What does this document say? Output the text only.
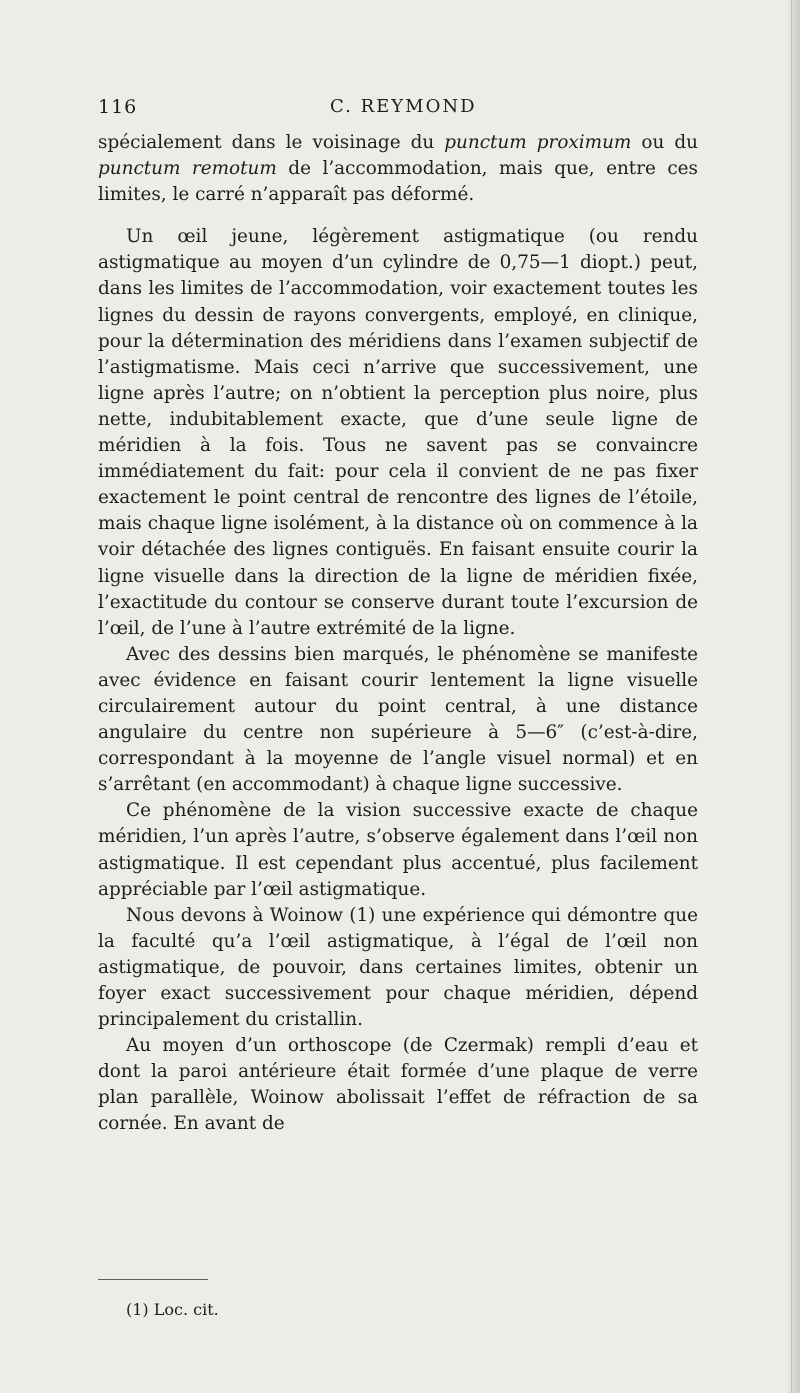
116	C. REYMOND

spécialement dans le voisinage du punctum proximum ou du punctum remotum de l’accommodation, mais que, entre ces limites, le carré n’apparaît pas déformé.

Un œil jeune, légèrement astigmatique (ou rendu astigmatique au moyen d’un cylindre de 0,75—1 diopt.) peut, dans les limites de l’accommodation, voir exactement toutes les lignes du dessin de rayons convergents, employé, en clinique, pour la détermination des méridiens dans l’examen subjectif de l’astigmatisme. Mais ceci n’arrive que successivement, une ligne après l’autre; on n’obtient la perception plus noire, plus nette, indubitablement exacte, que d’une seule ligne de méridien à la fois. Tous ne savent pas se convaincre immédiatement du fait: pour cela il convient de ne pas fixer exactement le point central de rencontre des lignes de l’étoile, mais chaque ligne isolément, à la distance où on commence à la voir détachée des lignes contiguës. En faisant ensuite courir la ligne visuelle dans la direction de la ligne de méridien fixée, l’exactitude du contour se conserve durant toute l’excursion de l’œil, de l’une à l’autre extrémité de la ligne.

Avec des dessins bien marqués, le phénomène se manifeste avec évidence en faisant courir lentement la ligne visuelle circulairement autour du point central, à une distance angulaire du centre non supérieure à 5—6″ (c’est-à-dire, correspondant à la moyenne de l’angle visuel normal) et en s’arrêtant (en accommodant) à chaque ligne successive.

Ce phénomène de la vision successive exacte de chaque méridien, l’un après l’autre, s’observe également dans l’œil non astigmatique. Il est cependant plus accentué, plus facilement appréciable par l’œil astigmatique.

Nous devons à Woinow (1) une expérience qui démontre que la faculté qu’a l’œil astigmatique, à l’égal de l’œil non astigmatique, de pouvoir, dans certaines limites, obtenir un foyer exact successivement pour chaque méridien, dépend principalement du cristallin.

Au moyen d’un orthoscope (de Czermak) rempli d’eau et dont la paroi antérieure était formée d’une plaque de verre plan parallèle, Woinow abolissait l’effet de réfraction de sa cornée. En avant de

(1) Loc. cit.
